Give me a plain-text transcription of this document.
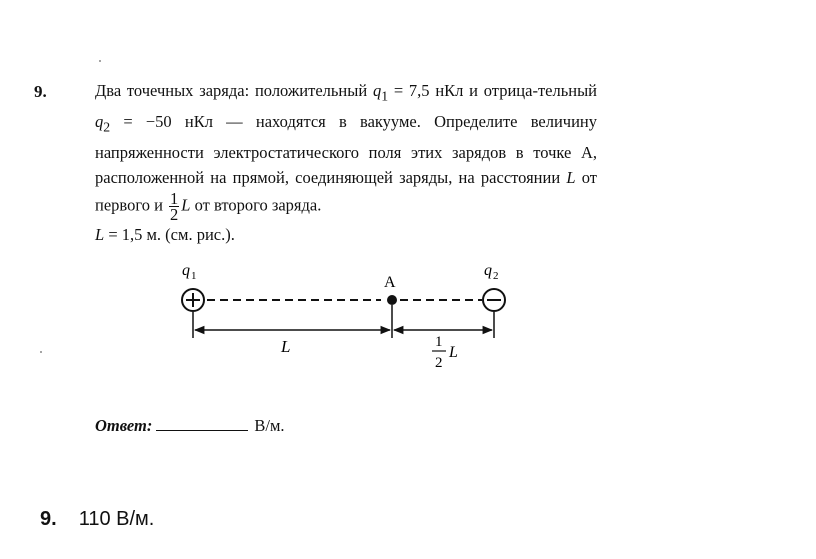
9.	Два точечных заряда: положительный $q_1 = 7,5$ нКл и отрица-тельный $q_2 = -50$ нКл — находятся в вакууме. Определите величину напряженности электростатического поля этих зарядов в точке А, расположенной на прямой, соединяющей заряды, на расстоянии L от первого и $\frac{1}{2}$ L от второго заряда.
L = 1,5 м. (см. рис.).
q 1	A
q 2
L	1
2
L
Ответ:	В/м.
9. 110 В/м.
